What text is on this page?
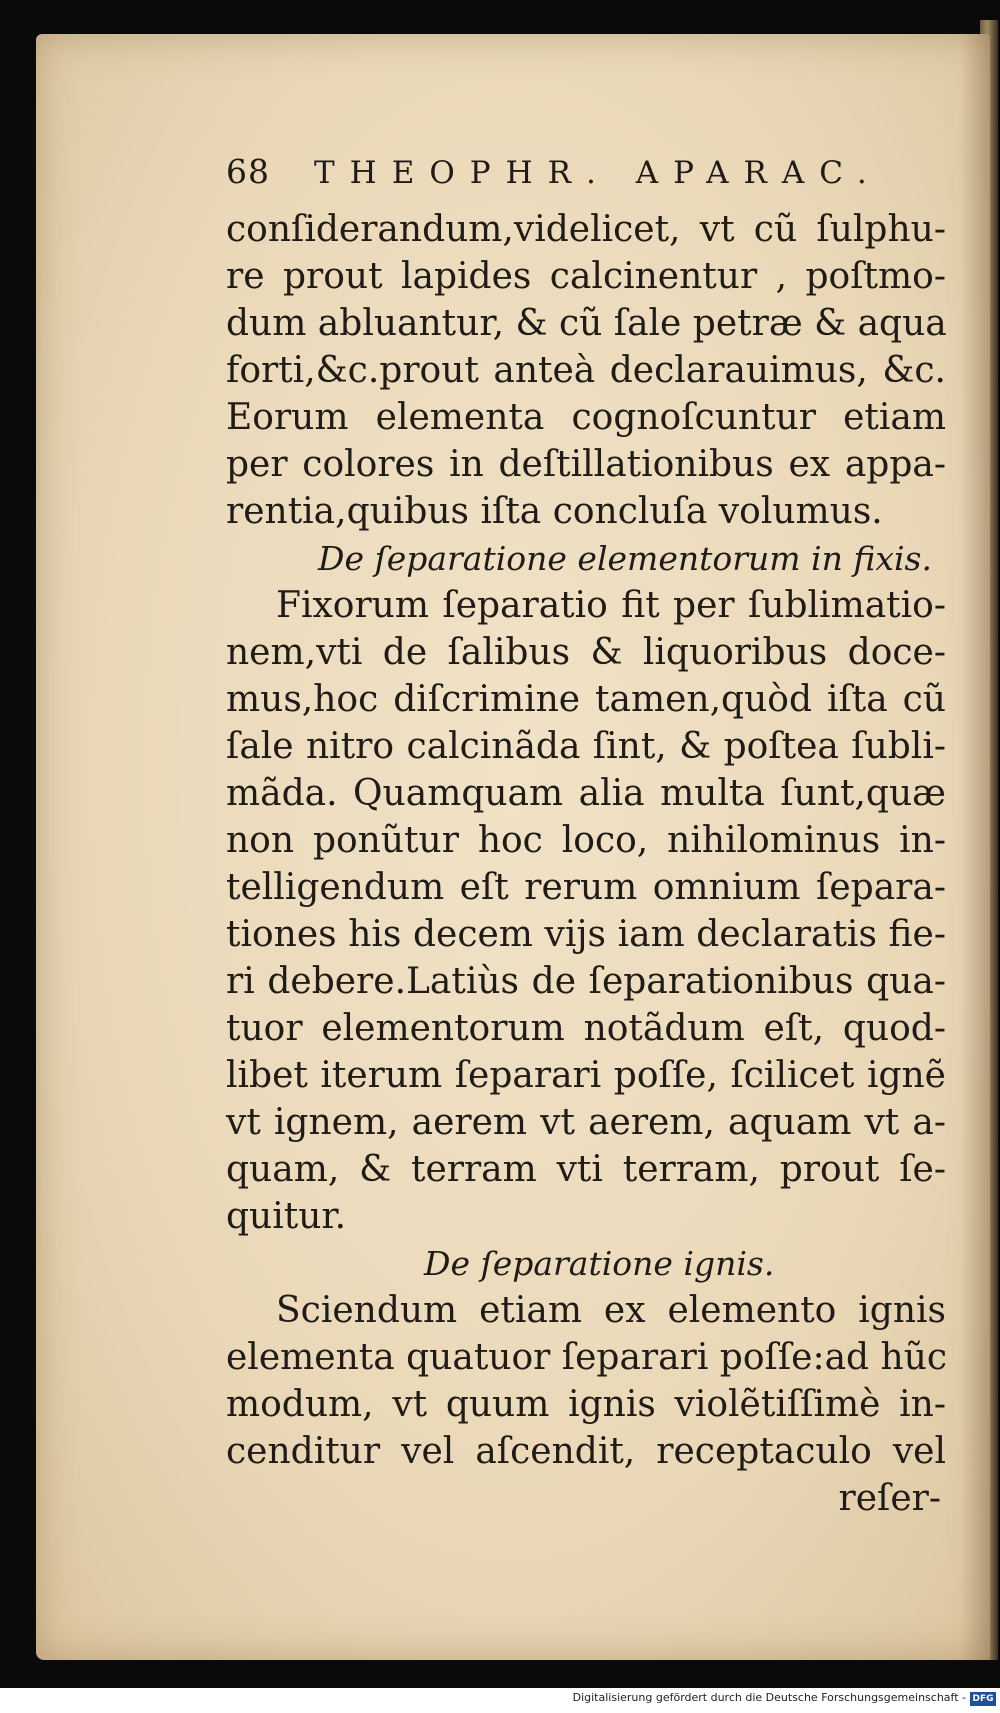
68 THEOPHR. APARAC.
conſiderandum,videlicet, vt cũ ſulphu-
re prout lapides calcinentur , poſtmo-
dum abluantur, & cũ ſale petræ & aqua
forti,&c.prout anteà declarauimus, &c.
Eorum elementa cognoſcuntur etiam
per colores in deſtillationibus ex appa-
rentia,quibus iſta concluſa volumus.
De ſeparatione elementorum in fixis.
Fixorum ſeparatio fit per ſublimatio-
nem,vti de ſalibus & liquoribus doce-
mus,hoc diſcrimine tamen,quòd iſta cũ
ſale nitro calcinãda ſint, & poſtea ſubli-
mãda. Quamquam alia multa ſunt,quæ
non ponũtur hoc loco, nihilominus in-
telligendum eſt rerum omnium ſepara-
tiones his decem vijs iam declaratis fie-
ri debere.Latiùs de ſeparationibus qua-
tuor elementorum notãdum eſt, quod-
libet iterum ſeparari poſſe, ſcilicet ignẽ
vt ignem, aerem vt aerem, aquam vt a-
quam, & terram vti terram, prout ſe-
quitur.
De ſeparatione ignis.
Sciendum etiam ex elemento ignis
elementa quatuor ſeparari poſſe:ad hũc
modum, vt quum ignis violẽtiſſimè in-
cenditur vel aſcendit, receptaculo vel
reſer-
Digitalisierung gefördert durch die Deutsche Forschungsgemeinschaft - DFG
